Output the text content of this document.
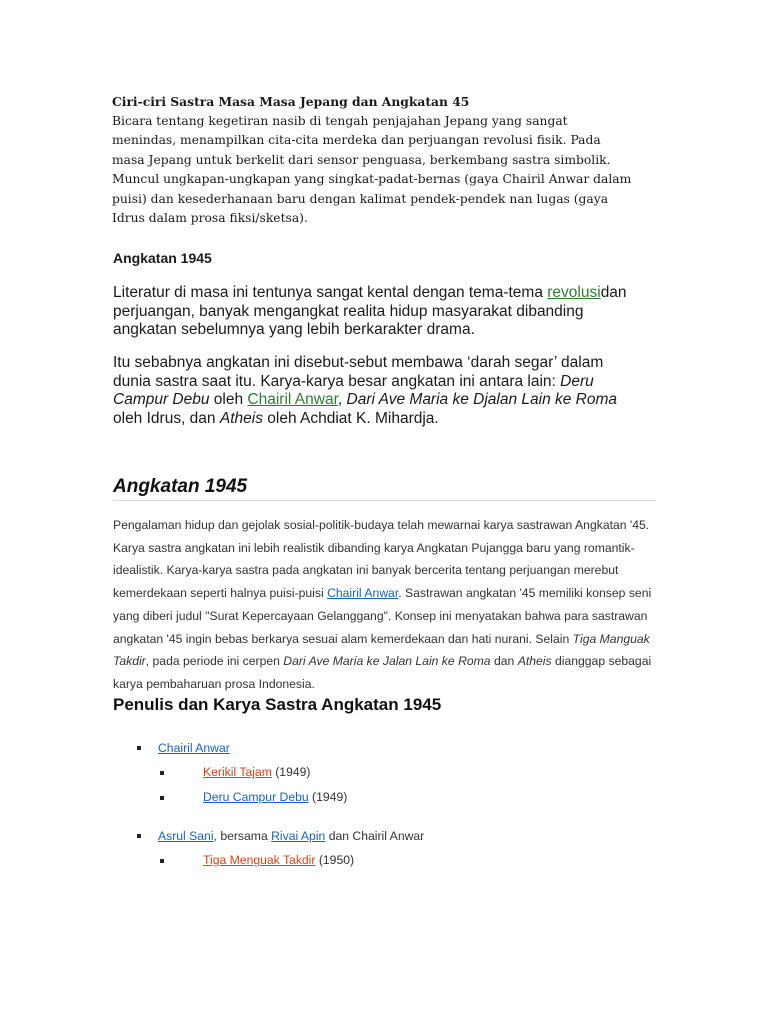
Ciri-ciri Sastra Masa Masa Jepang dan Angkatan 45
Bicara tentang kegetiran nasib di tengah penjajahan Jepang yang sangat menindas, menampilkan cita-cita merdeka dan perjuangan revolusi fisik. Pada masa Jepang untuk berkelit dari sensor penguasa, berkembang sastra simbolik. Muncul ungkapan-ungkapan yang singkat-padat-bernas (gaya Chairil Anwar dalam puisi) dan kesederhanaan baru dengan kalimat pendek-pendek nan lugas (gaya Idrus dalam prosa fiksi/sketsa).
Angkatan 1945
Literatur di masa ini tentunya sangat kental dengan tema-tema revolusidan perjuangan, banyak mengangkat realita hidup masyarakat dibanding angkatan sebelumnya yang lebih berkarakter drama.
Itu sebabnya angkatan ini disebut-sebut membawa ‘darah segar’ dalam dunia sastra saat itu. Karya-karya besar angkatan ini antara lain: Deru Campur Debu oleh Chairil Anwar, Dari Ave Maria ke Djalan Lain ke Roma oleh Idrus, dan Atheis oleh Achdiat K. Mihardja.
Angkatan 1945
Pengalaman hidup dan gejolak sosial-politik-budaya telah mewarnai karya sastrawan Angkatan '45. Karya sastra angkatan ini lebih realistik dibanding karya Angkatan Pujangga baru yang romantik-idealistik. Karya-karya sastra pada angkatan ini banyak bercerita tentang perjuangan merebut kemerdekaan seperti halnya puisi-puisi Chairil Anwar. Sastrawan angkatan '45 memiliki konsep seni yang diberi judul "Surat Kepercayaan Gelanggang". Konsep ini menyatakan bahwa para sastrawan angkatan '45 ingin bebas berkarya sesuai alam kemerdekaan dan hati nurani. Selain Tiga Manguak Takdir, pada periode ini cerpen Dari Ave Maria ke Jalan Lain ke Roma dan Atheis dianggap sebagai karya pembaharuan prosa Indonesia.
Penulis dan Karya Sastra Angkatan 1945
Chairil Anwar
Kerikil Tajam (1949)
Deru Campur Debu (1949)
Asrul Sani, bersama Rivai Apin dan Chairil Anwar
Tiga Menguak Takdir (1950)
